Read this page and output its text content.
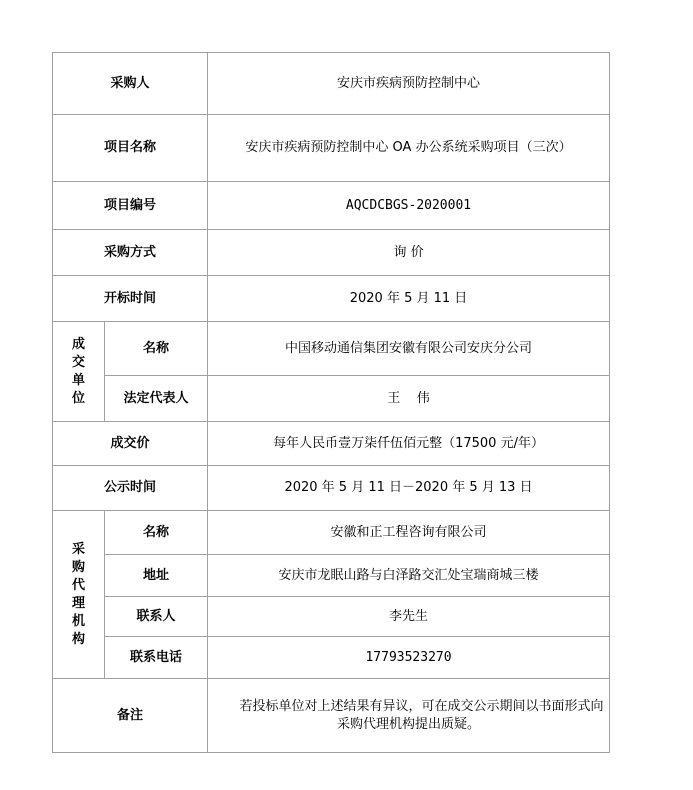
采购人		安庆市疾病预防控制中心
项目名称		安庆市疾病预防控制中心 OA 办公系统采购项目（三次）
项目编号		AQCDCBGS-2020001
采购方式		询 价
开标时间		2020 年 5 月 11 日

成交单位	名称	中国移动通信集团安徽有限公司安庆分公司
	法定代表人	王    伟
成交价		每年人民币壹万柒仟伍佰元整（17500 元/年）
公示时间		2020 年 5 月 11 日－2020 年 5 月 13 日

采购代理机构	名称	安徽和正工程咨询有限公司
	地址	安庆市龙眠山路与白泽路交汇处宝瑞商城三楼
	联系人	李先生
	联系电话	17793523270
备注		若投标单位对上述结果有异议，可在成交公示期间以书面形式向采购代理机构提出质疑。
